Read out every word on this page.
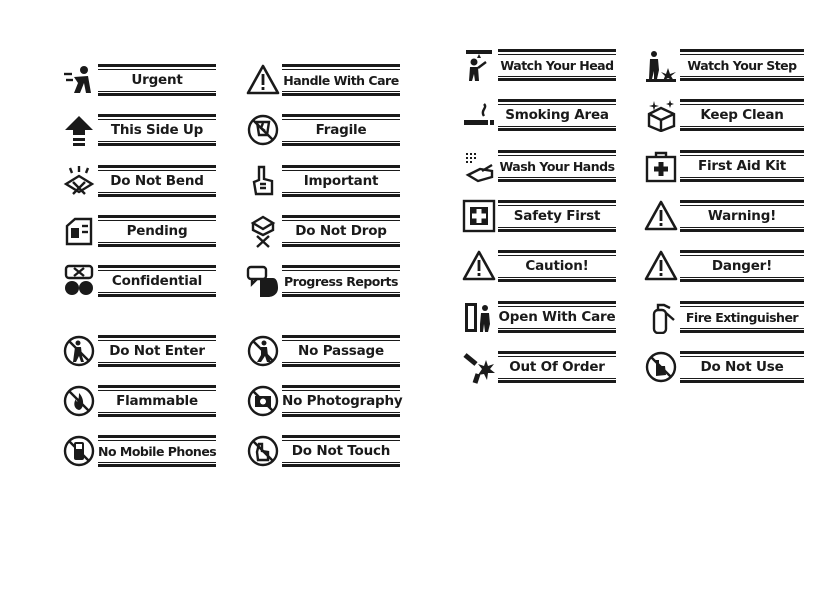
Urgent
This Side Up
Do Not Bend
Pending
Confidential
Do Not Enter
Flammable
No Mobile Phones
Handle With Care
Fragile
Important
Do Not Drop
Progress Reports
No Passage
No Photography
Do Not Touch
Watch Your Head
Smoking Area
Wash Your Hands
Safety First
Caution!
Open With Care
Out Of Order
Watch Your Step
Keep Clean
First Aid Kit
Warning!
Danger!
Fire Extinguisher
Do Not Use
